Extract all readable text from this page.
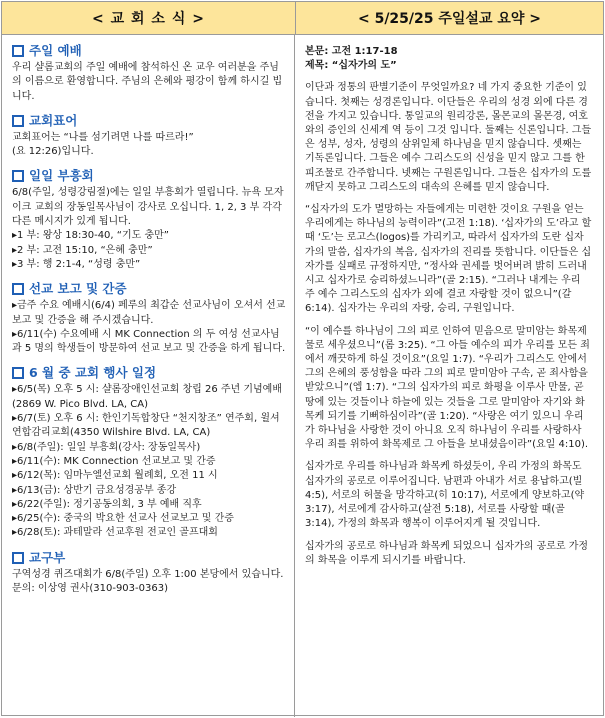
< 교 회 소 식 >	< 5/25/25 주일설교 요약 >
주일 예배

우리 샬롬교회의 주일 예배에 참석하신 온 교우 여러분을 주님의 이름으로 환영합니다. 주님의 은혜와 평강이 함께 하시길 빕니다.

교회표어

교회표어는 “나를 섬기려면 나를 따르라!”

(요 12:26)입니다.

일일 부흥회

6/8(주일, 성령강림절)에는 일일 부흥회가 열립니다. 뉴욕 모자이크 교회의 장동일목사님이 강사로 오십니다. 1, 2, 3 부 각각 다른 메시지가 있게 됩니다.

▸1 부: 왕상 18:30-40, “기도 충만”

▸2 부: 고전 15:10, “은혜 충만”

▸3 부: 행 2:1-4, “성령 충만”

선교 보고 및 간증

▸금주 수요 예배시(6/4) 페루의 최갑순 선교사님이 오셔서 선교보고 및 간증을 해 주시겠습니다.

▸6/11(수) 수요예배 시 MK Connection 의 두 여성 선교사님과 5 명의 학생들이 방문하여 선교 보고 및 간증을 하게 됩니다.

6 월 중 교회 행사 일정

▸6/5(목) 오후 5 시: 샬롬장애인선교회 창립 26 주년 기념예배(2869 W. Pico Blvd. LA, CA)

▸6/7(토) 오후 6 시: 한인기독합창단 “천지창조” 연주회, 윌셔연합감리교회(4350 Wilshire Blvd. LA, CA)

▸6/8(주일): 일일 부흥회(강사: 장동일목사)

▸6/11(수): MK Connection 선교보고 및 간증

▸6/12(목): 임마누엘선교회 월례회, 오전 11 시

▸6/13(금): 상반기 금요성경공부 종강

▸6/22(주일): 정기공동의회, 3 부 예배 직후

▸6/25(수): 중국의 박요한 선교사 선교보고 및 간증

▸6/28(토): 과테말라 선교후원 전교인 골프대회

교구부

구역성경 퀴즈대회가 6/8(주일) 오후 1:00 본당에서 있습니다.

문의: 이상영 권사(310-903-0363)

본문: 고전 1:17-18
제목: “십자가의 도”

이단과 정통의 판별기준이 무엇일까요? 네 가지 중요한 기준이 있습니다. 첫째는 성경론입니다. 이단들은 우리의 성경 외에 다른 경전을 가지고 있습니다. 통일교의 원리강론, 몰몬교의 몰몬경, 여호와의 증인의 신세계 역 등이 그것 입니다. 둘째는 신론입니다. 그들은 성부, 성자, 성령의 삼위일체 하나님을 믿지 않습니다. 셋째는 기독론입니다. 그들은 예수 그리스도의 신성을 믿지 않고 그를 한 피조물로 간주합니다. 넷째는 구원론입니다. 그들은 십자가의 도를 깨닫지 못하고 그리스도의 대속의 은혜를 믿지 않습니다.

“십자가의 도가 멸망하는 자들에게는 미련한 것이요 구원을 얻는 우리에게는 하나님의 능력이라”(고전 1:18). ‘십자가의 도’라고 할 때 ‘도’는 로고스(logos)를 가리키고, 따라서 십자가의 도란 십자가의 말씀, 십자가의 복음, 십자가의 진리를 뜻합니다. 이단들은 십자가를 실패로 규정하지만, “정사와 권세를 벗어버려 밝히 드러내시고 십자가로 승리하셨느니라”(골 2:15). “그러나 내게는 우리 주 예수 그리스도의 십자가 외에 결코 자랑할 것이 없으니”(갈 6:14). 십자가는 우리의 자랑, 승리, 구원입니다.

“이 예수를 하나님이 그의 피로 인하여 믿음으로 말미암는 화목제물로 세우셨으니”(롬 3:25). “그 아들 예수의 피가 우리를 모든 죄에서 깨끗하게 하실 것이요”(요일 1:7). “우리가 그리스도 안에서 그의 은혜의 풍성함을 따라 그의 피로 말미암아 구속, 곧 죄사함을 받았으니”(엡 1:7). “그의 십자가의 피로 화평을 이루사 만물, 곧 땅에 있는 것들이나 하늘에 있는 것들을 그로 말미암아 자기와 화목케 되기를 기뻐하심이라”(골 1:20). “사랑은 여기 있으니 우리가 하나님을 사랑한 것이 아니요 오직 하나님이 우리를 사랑하사 우리 죄를 위하여 화목제로 그 아들을 보내셨음이라”(요일 4:10).

십자가로 우리를 하나님과 화목케 하셨듯이, 우리 가정의 화목도 십자가의 공로로 이루어집니다. 남편과 아내가 서로 용납하고(빌 4:5), 서로의 허물을 망각하고(히 10:17), 서로에게 양보하고(약 3:17), 서로에게 감사하고(살전 5:18), 서로를 사랑할 때(골 3:14), 가정의 화목과 행복이 이루어지게 될 것입니다.

십자가의 공로로 하나님과 화목케 되었으니 십자가의 공로로 가정의 화목을 이루게 되시기를 바랍니다.
